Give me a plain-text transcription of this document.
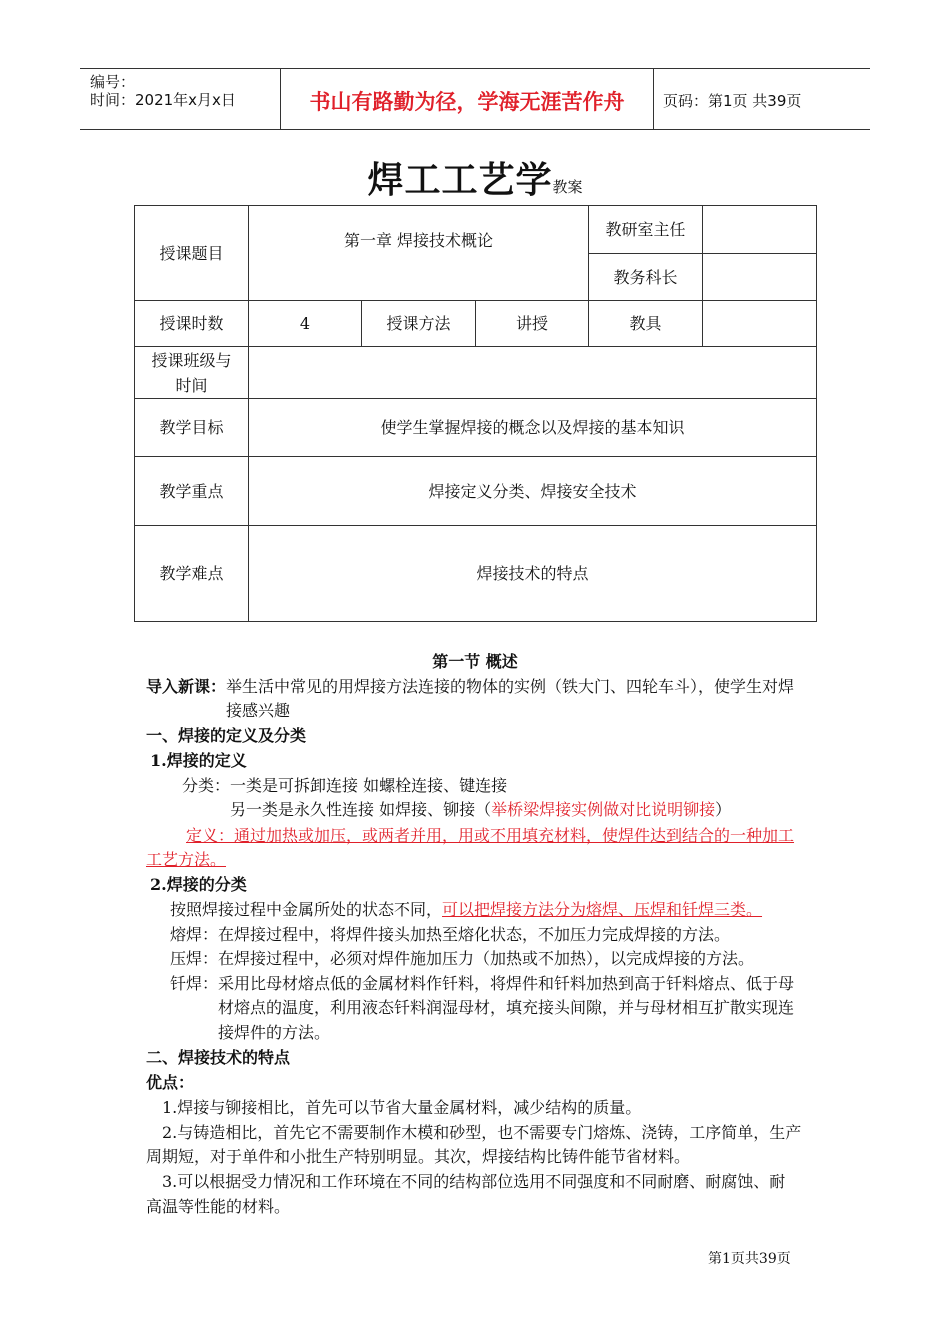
编号：
时间：2021年x月x日	书山有路勤为径，学海无涯苦作舟	页码：第1页 共39页
焊工工艺学教案
授课题目	第一章 焊接技术概论			教研室主任	
				教务科长	
授课时数	4	授课方法	讲授	教具	
授课班级与时间					
教学目标	使学生掌握焊接的概念以及焊接的基本知识				
教学重点	焊接定义分类、焊接安全技术				
教学难点	焊接技术的特点				
第一节 概述
导入新课：举生活中常见的用焊接方法连接的物体的实例（铁大门、四轮车斗），使学生对焊
接感兴趣
一、焊接的定义及分类
1.焊接的定义
分类：一类是可拆卸连接 如螺栓连接、键连接
另一类是永久性连接 如焊接、铆接（举桥梁焊接实例做对比说明铆接）
定义：通过加热或加压，或两者并用，用或不用填充材料，使焊件达到结合的一种加工
工艺方法。
2.焊接的分类
按照焊接过程中金属所处的状态不同，可以把焊接方法分为熔焊、压焊和钎焊三类。
熔焊：在焊接过程中，将焊件接头加热至熔化状态，不加压力完成焊接的方法。
压焊：在焊接过程中，必须对焊件施加压力（加热或不加热），以完成焊接的方法。
钎焊：采用比母材熔点低的金属材料作钎料，将焊件和钎料加热到高于钎料熔点、低于母
材熔点的温度，利用液态钎料润湿母材，填充接头间隙，并与母材相互扩散实现连
接焊件的方法。
二、焊接技术的特点
优点：
1.焊接与铆接相比，首先可以节省大量金属材料，减少结构的质量。
2.与铸造相比，首先它不需要制作木模和砂型，也不需要专门熔炼、浇铸，工序简单，生产
周期短，对于单件和小批生产特别明显。其次，焊接结构比铸件能节省材料。
3.可以根据受力情况和工作环境在不同的结构部位选用不同强度和不同耐磨、耐腐蚀、耐
高温等性能的材料。
第1页共39页
